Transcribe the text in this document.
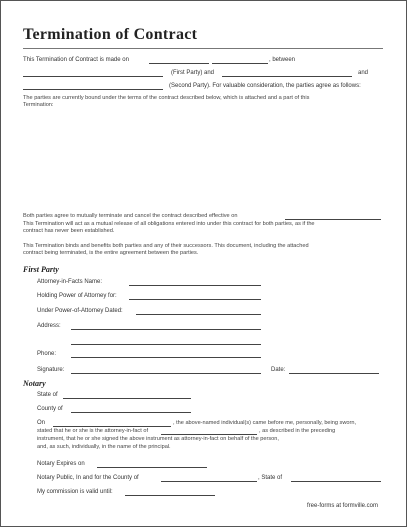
Termination of Contract
This Termination of Contract is made on	, between
(First Party) and	and
(Second Party). For valuable consideration, the parties agree as follows:
The parties are currently bound under the terms of the contract described below, which is attached and a part of this
Termination:
Both parties agree to mutually terminate and cancel the contract described effective on
This Termination will act as a mutual release of all obligations entered into under this contract for both parties, as if the
contract has never been established.
This Termination binds and benefits both parties and any of their successors. This document, including the attached
contract being terminated, is the entire agreement between the parties.
First Party
Attorney-in-Facts Name:
Holding Power of Attorney for:
Under Power-of-Attorney Dated:
Address:
Phone:
Signature:	Date:
Notary
State of
County of
On	, the above-named individual(s) came before me, personally, being sworn,
stated that he or she is the attorney-in-fact of	, as described in the preceding
instrument, that he or she signed the above instrument as attorney-in-fact on behalf of the person,
and, as such, individually, in the name of the principal.
Notary Expires on
Notary Public, In and for the County of	, State of
My commission is valid until:
free-forms at formville.com
